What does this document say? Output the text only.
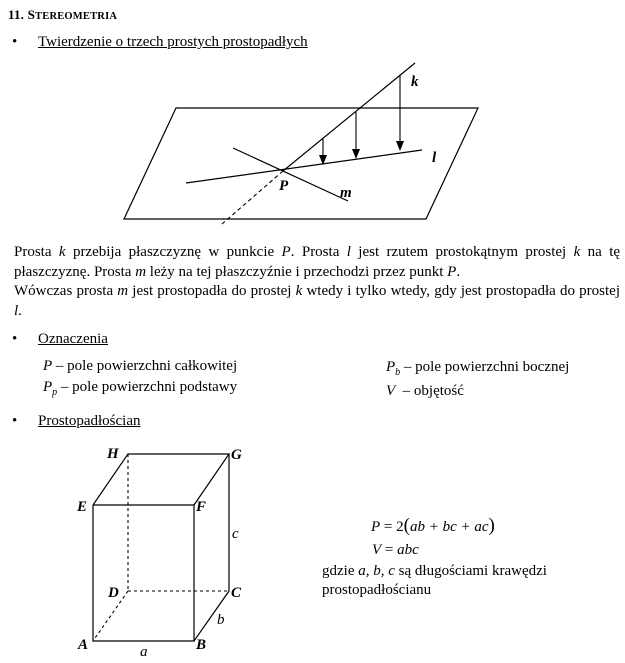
11. STEREOMETRIA
• Twierdzenie o trzech prostych prostopadłych
k
l
P	m

Prosta k przebija płaszczyznę w punkcie P. Prosta l jest rzutem prostokątnym prostej k na tę płaszczyznę. Prosta m leży na tej płaszczyźnie i przechodzi przez punkt P.

Wówczas prosta m jest prostopadła do prostej k wtedy i tylko wtedy, gdy jest prostopadła do prostej l.

• Oznaczenia
P – pole powierzchni całkowitej
$P_p$ – pole powierzchni podstawy
$P_b$ – pole powierzchni bocznej
V  – objętość
• Prostopadłościan
H	G
E	F
D	C
A	B
a
b
c	P = 2(ab + bc + ac)
V = abc
gdzie a, b, c są długościami krawędzi
prostopadłościanu
